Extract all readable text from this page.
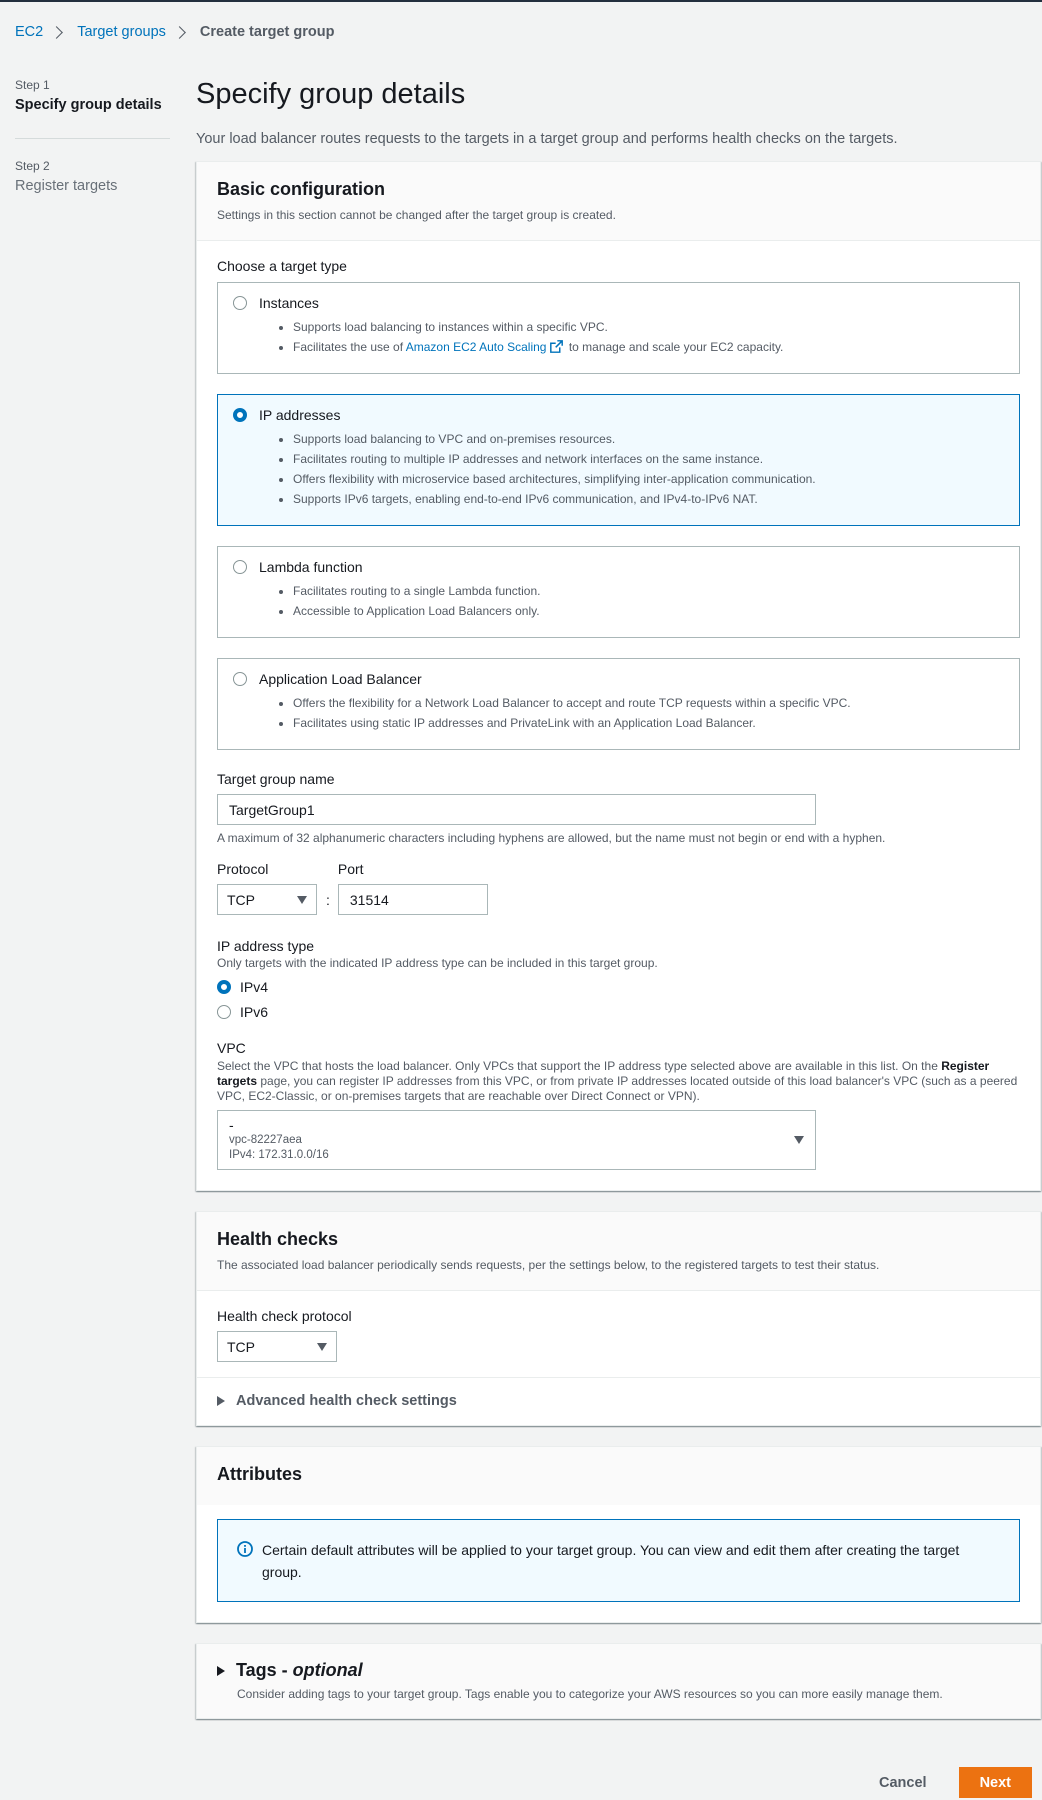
EC2 Target groups Create target group
Step 1
Specify group details
Step 2
Register targets
Specify group details

Your load balancer routes requests to the targets in a target group and performs health checks on the targets.

Basic configuration
Settings in this section cannot be changed after the target group is created.
Choose a target type
Instances
• Supports load balancing to instances within a specific VPC.
• Facilitates the use of Amazon EC2 Auto Scaling to manage and scale your EC2 capacity.
IP addresses
• Supports load balancing to VPC and on-premises resources.
• Facilitates routing to multiple IP addresses and network interfaces on the same instance.
• Offers flexibility with microservice based architectures, simplifying inter-application communication.
• Supports IPv6 targets, enabling end-to-end IPv6 communication, and IPv4-to-IPv6 NAT.
Lambda function
• Facilitates routing to a single Lambda function.
• Accessible to Application Load Balancers only.
Application Load Balancer
• Offers the flexibility for a Network Load Balancer to accept and route TCP requests within a specific VPC.
• Facilitates using static IP addresses and PrivateLink with an Application Load Balancer.
Target group name
TargetGroup1
A maximum of 32 alphanumeric characters including hyphens are allowed, but the name must not begin or end with a hyphen.
Protocol
TCP	:
Port
31514
IP address type
Only targets with the indicated IP address type can be included in this target group.
IPv4
IPv6
VPC
Select the VPC that hosts the load balancer. Only VPCs that support the IP address type selected above are available in this list. On the Register targets page, you can register IP addresses from this VPC, or from private IP addresses located outside of this load balancer's VPC (such as a peered VPC, EC2-Classic, or on-premises targets that are reachable over Direct Connect or VPN).
-
vpc-82227aea
IPv4: 172.31.0.0/16
Health checks
The associated load balancer periodically sends requests, per the settings below, to the registered targets to test their status.
Health check protocol
TCP
Advanced health check settings
Attributes
Certain default attributes will be applied to your target group. You can view and edit them after creating the target group.
Tags - optional
Consider adding tags to your target group. Tags enable you to categorize your AWS resources so you can more easily manage them.
Cancel	Next
